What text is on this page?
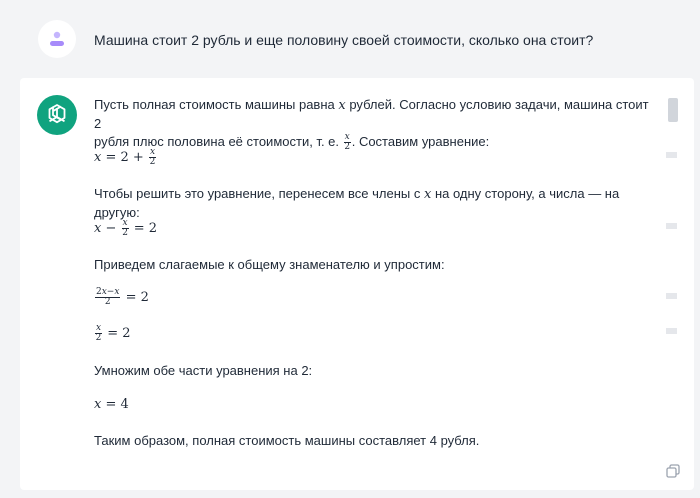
Машина стоит 2 рубль и еще половину своей стоимости, сколько она стоит?
Пусть полная стоимость машины равна x рублей. Согласно условию задачи, машина стоит 2
рубля плюс половина её стоимости, т. е. $\frac{x}{2}$ . Составим уравнение:
$x = 2 + \frac{x}{2}$
Чтобы решить это уравнение, перенесем все члены с x на одну сторону, а числа — на другую:
$x - \frac{x}{2} = 2$
Приведем слагаемые к общему знаменателю и упростим:
$\frac{2x-x}{2} = 2$
$\frac{x}{2} = 2$
Умножим обе части уравнения на 2:
x = 4
Таким образом, полная стоимость машины составляет 4 рубля.
